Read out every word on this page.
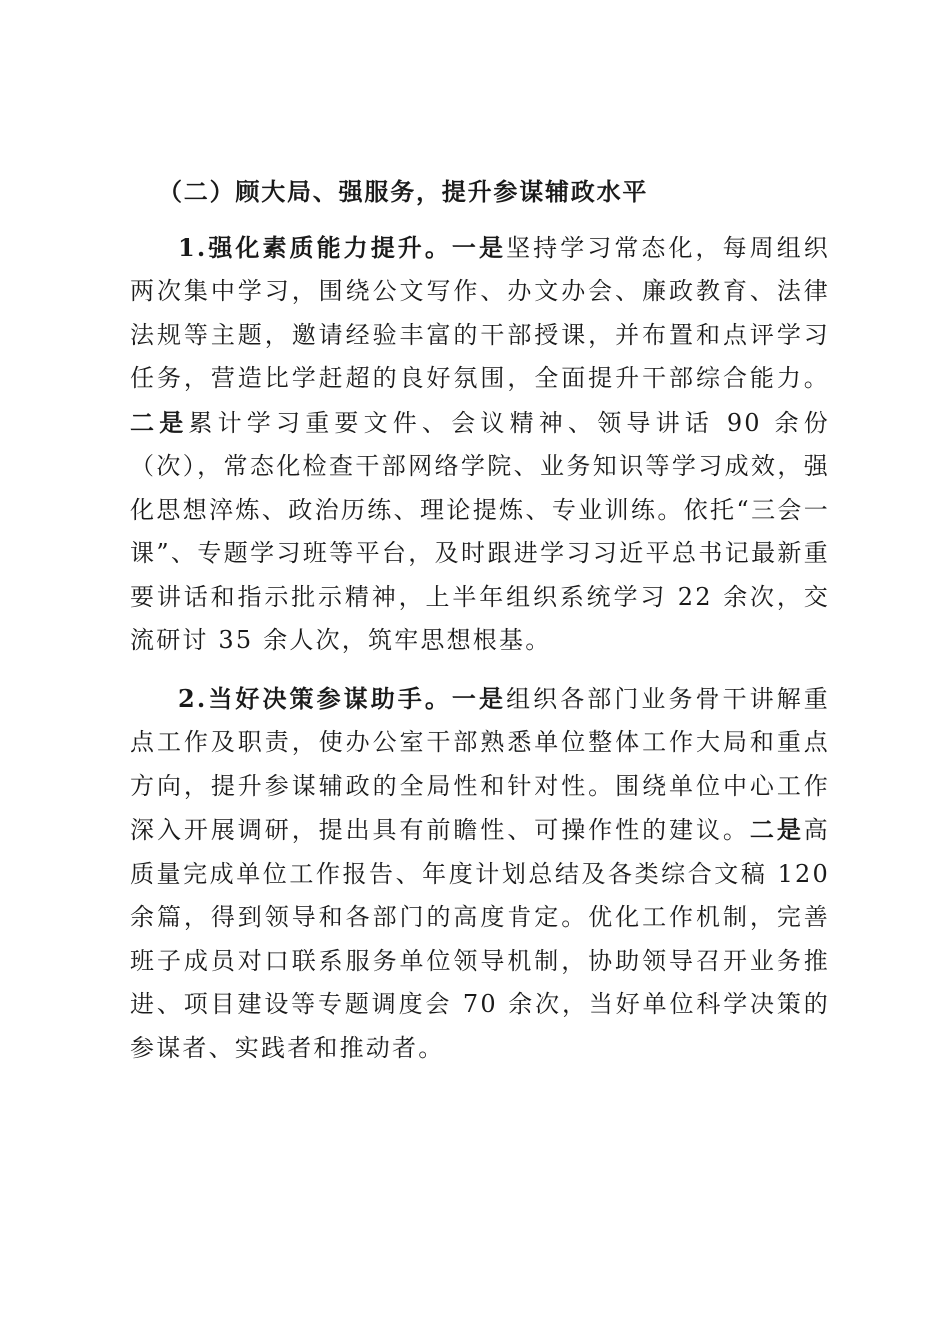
（二）顾大局、强服务，提升参谋辅政水平

1.强化素质能力提升。一是坚持学习常态化，每周组织两次集中学习，围绕公文写作、办文办会、廉政教育、法律法规等主题，邀请经验丰富的干部授课，并布置和点评学习任务，营造比学赶超的良好氛围，全面提升干部综合能力。二是累计学习重要文件、会议精神、领导讲话 90 余份（次），常态化检查干部网络学院、业务知识等学习成效，强化思想淬炼、政治历练、理论提炼、专业训练。依托“三会一课”、专题学习班等平台，及时跟进学习习近平总书记最新重要讲话和指示批示精神，上半年组织系统学习 22 余次，交流研讨 35 余人次，筑牢思想根基。

2.当好决策参谋助手。一是组织各部门业务骨干讲解重点工作及职责，使办公室干部熟悉单位整体工作大局和重点方向，提升参谋辅政的全局性和针对性。围绕单位中心工作深入开展调研，提出具有前瞻性、可操作性的建议。二是高质量完成单位工作报告、年度计划总结及各类综合文稿 120 余篇，得到领导和各部门的高度肯定。优化工作机制，完善班子成员对口联系服务单位领导机制，协助领导召开业务推进、项目建设等专题调度会 70 余次，当好单位科学决策的参谋者、实践者和推动者。
